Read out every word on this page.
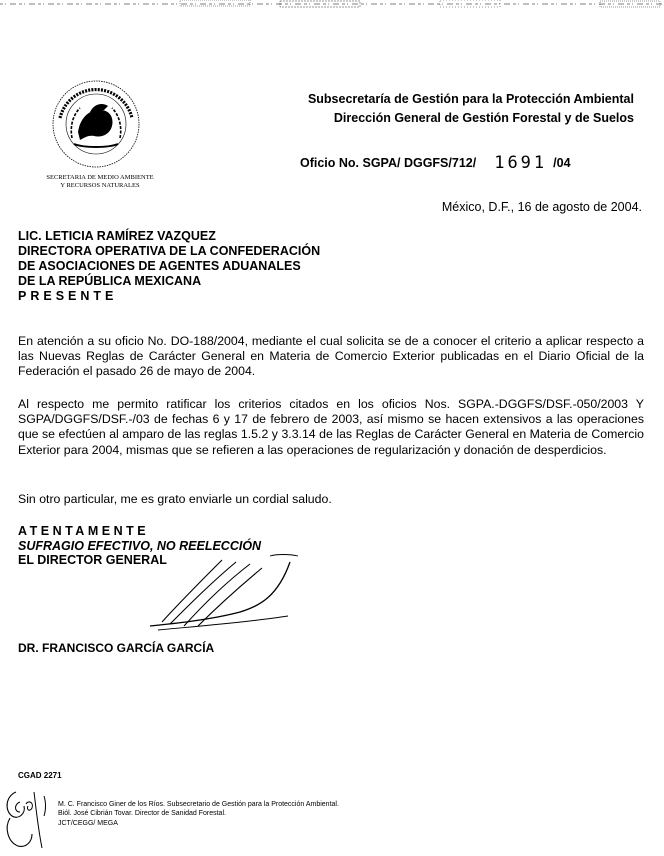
SECRETARIA DE MEDIO AMBIENTE
Y RECURSOS NATURALES
Subsecretaría de Gestión para la Protección Ambiental
Dirección General de Gestión Forestal y de Suelos
Oficio No. SGPA/ DGGFS/712/ 1691 /04
México, D.F., 16 de agosto de 2004.
LIC. LETICIA RAMÍREZ VAZQUEZ
DIRECTORA OPERATIVA DE LA CONFEDERACIÓN
DE ASOCIACIONES DE AGENTES ADUANALES
DE LA REPÚBLICA MEXICANA
PRESENTE
En atención a su oficio No. DO-188/2004, mediante el cual solicita se de a conocer el criterio a aplicar respecto a las Nuevas Reglas de Carácter General en Materia de Comercio Exterior publicadas en el Diario Oficial de la Federación el pasado 26 de mayo de 2004.
Al respecto me permito ratificar los criterios citados en los oficios Nos. SGPA.-DGGFS/DSF.-050/2003 Y SGPA/DGGFS/DSF.-/03 de fechas 6 y 17 de febrero de 2003, así mismo se hacen extensivos a las operaciones que se efectúen al amparo de las reglas 1.5.2 y 3.3.14 de las Reglas de Carácter General en Materia de Comercio Exterior para 2004, mismas que se refieren a las operaciones de regularización y donación de desperdicios.
Sin otro particular, me es grato enviarle un cordial saludo.
ATENTAMENTE
SUFRAGIO EFECTIVO, NO REELECCIÓN
EL DIRECTOR GENERAL
DR. FRANCISCO GARCÍA GARCÍA
CGAD 2271
M. C. Francisco Giner de los Ríos. Subsecretario de Gestión para la Protección Ambiental.
Biól. José Cibrián Tovar. Director de Sanidad Forestal.
JCT/CEGG/ MEGA
